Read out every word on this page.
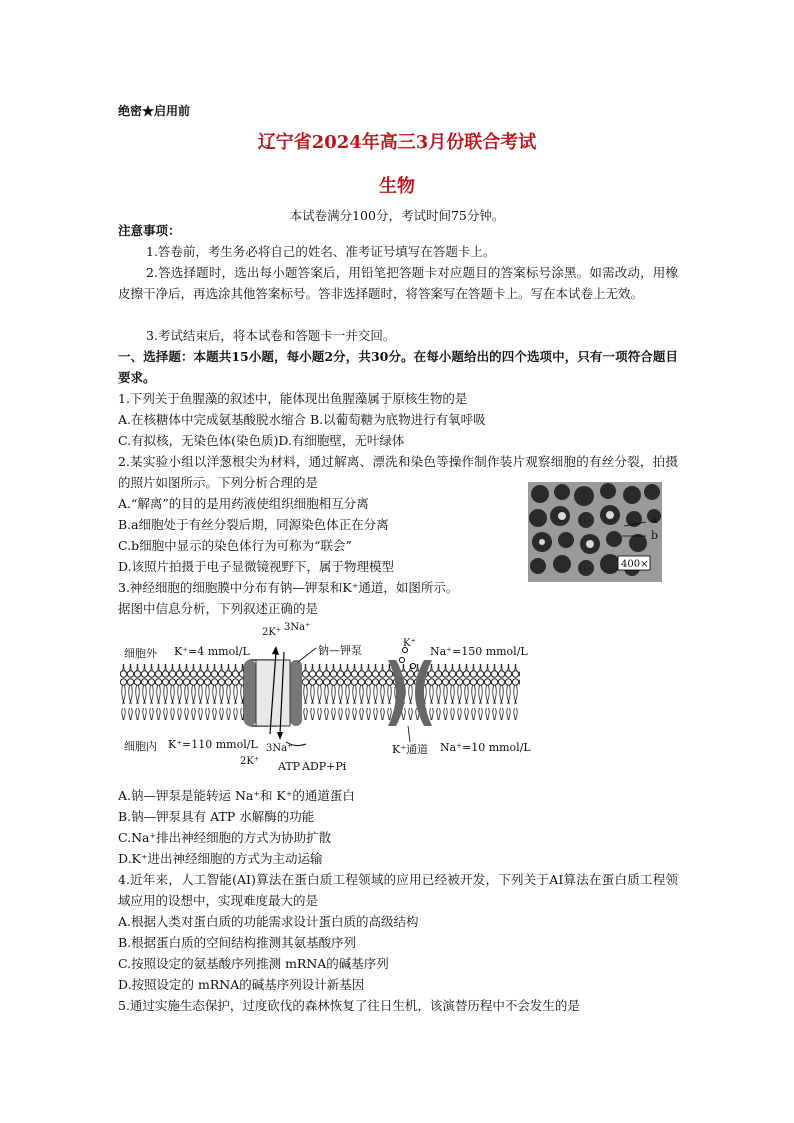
绝密★启用前
辽宁省2024年高三3月份联合考试
生物
本试卷满分100分，考试时间75分钟。
注意事项：
1.答卷前，考生务必将自己的姓名、准考证号填写在答题卡上。
2.答选择题时，选出每小题答案后，用铅笔把答题卡对应题目的答案标号涂黑。如需改动，用橡皮擦干净后，再选涂其他答案标号。答非选择题时，将答案写在答题卡上。写在本试卷上无效。
3.考试结束后，将本试卷和答题卡一并交回。
一、选择题：本题共15小题，每小题2分，共30分。在每小题给出的四个选项中，只有一项符合题目要求。
1.下列关于鱼腥藻的叙述中，能体现出鱼腥藻属于原核生物的是
A.在核糖体中完成氨基酸脱水缩合 B.以葡萄糖为底物进行有氧呼吸
C.有拟核，无染色体(染色质)D.有细胞壁，无叶绿体
2.某实验小组以洋葱根尖为材料，通过解离、漂洗和染色等操作制作装片观察细胞的有丝分裂，拍摄的照片如图所示。下列分析合理的是
A.“解离”的目的是用药液使组织细胞相互分离
B.a细胞处于有丝分裂后期，同源染色体正在分离
C.b细胞中显示的染色体行为可称为“联会”
D.该照片拍摄于电子显微镜视野下，属于物理模型
a
b
400×
3.神经细胞的细胞膜中分布有钠—钾泵和K⁺通道，如图所示。
据图中信息分析，下列叙述正确的是
细胞外 K⁺=4 mmol/L
2K⁺ 3Na⁺
钠—钾泵
K⁺
Na⁺=150 mmol/L
细胞内 K⁺=110 mmol/L 3Na⁺
2K⁺ ATP ADP+Pi
K⁺通道 Na⁺=10 mmol/L
A.钠—钾泵是能转运 Na⁺和 K⁺的通道蛋白
B.钠—钾泵具有 ATP 水解酶的功能
C.Na⁺排出神经细胞的方式为协助扩散
D.K⁺进出神经细胞的方式为主动运输
4.近年来，人工智能(AI)算法在蛋白质工程领域的应用已经被开发，下列关于AI算法在蛋白质工程领域应用的设想中，实现难度最大的是
A.根据人类对蛋白质的功能需求设计蛋白质的高级结构
B.根据蛋白质的空间结构推测其氨基酸序列
C.按照设定的氨基酸序列推测 mRNA的碱基序列
D.按照设定的 mRNA的碱基序列设计新基因
5.通过实施生态保护，过度砍伐的森林恢复了往日生机，该演替历程中不会发生的是
